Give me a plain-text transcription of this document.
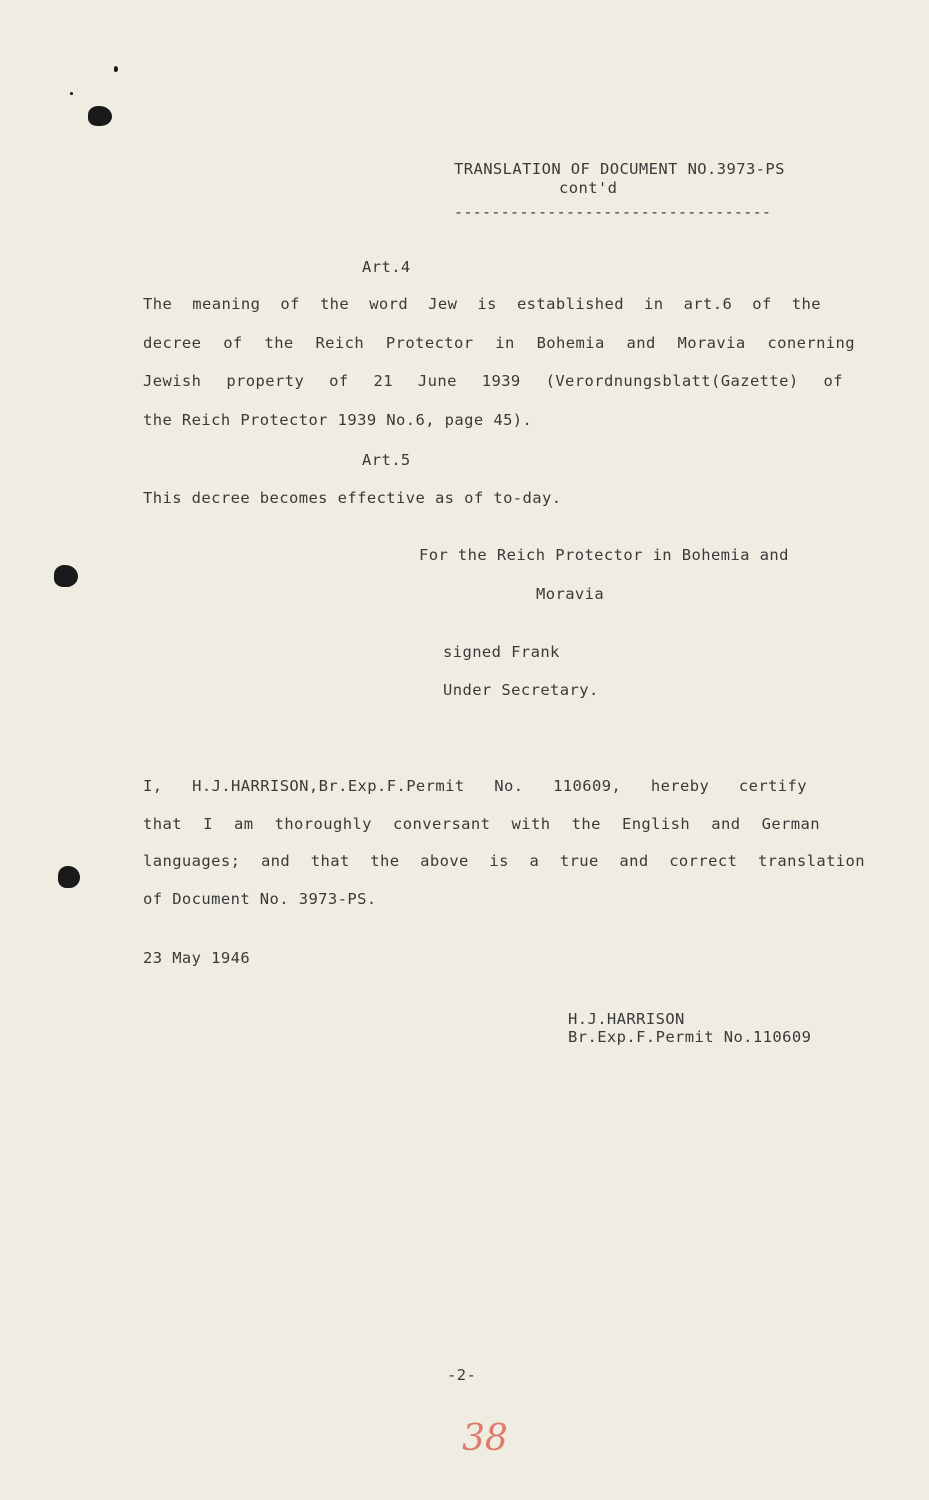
TRANSLATION OF DOCUMENT NO.3973-PS
cont'd
----------------------------------
Art.4
The meaning of the word Jew is established in art.6 of the
decree of the Reich Protector in Bohemia and Moravia conerning
Jewish property of 21 June 1939 (Verordnungsblatt(Gazette) of
the Reich Protector 1939 No.6, page 45).
Art.5
This decree becomes effective as of to-day.
For the Reich Protector in Bohemia and
Moravia
signed Frank
Under Secretary.
I, H.J.HARRISON,Br.Exp.F.Permit No. 110609, hereby certify
that I am thoroughly conversant with the English and German
languages; and that the above is a true and correct translation
of Document No. 3973-PS.
23 May 1946
H.J.HARRISON
Br.Exp.F.Permit No.110609
-2-
38
